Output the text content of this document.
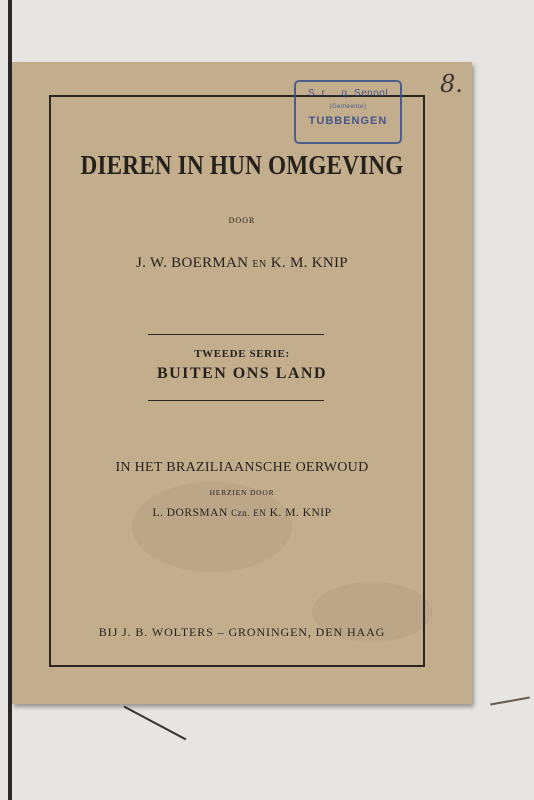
8.
S..r.. ..q..Senool
(Gemeente)
TUBBENGEN
DIEREN IN HUN OMGEVING
DOOR
J. W. BOERMAN EN K. M. KNIP
TWEEDE SERIE:
BUITEN ONS LAND
IN HET BRAZILIAANSCHE OERWOUD
HERZIEN DOOR
L. DORSMAN Czn. EN K. M. KNIP
BIJ J. B. WOLTERS – GRONINGEN, DEN HAAG
